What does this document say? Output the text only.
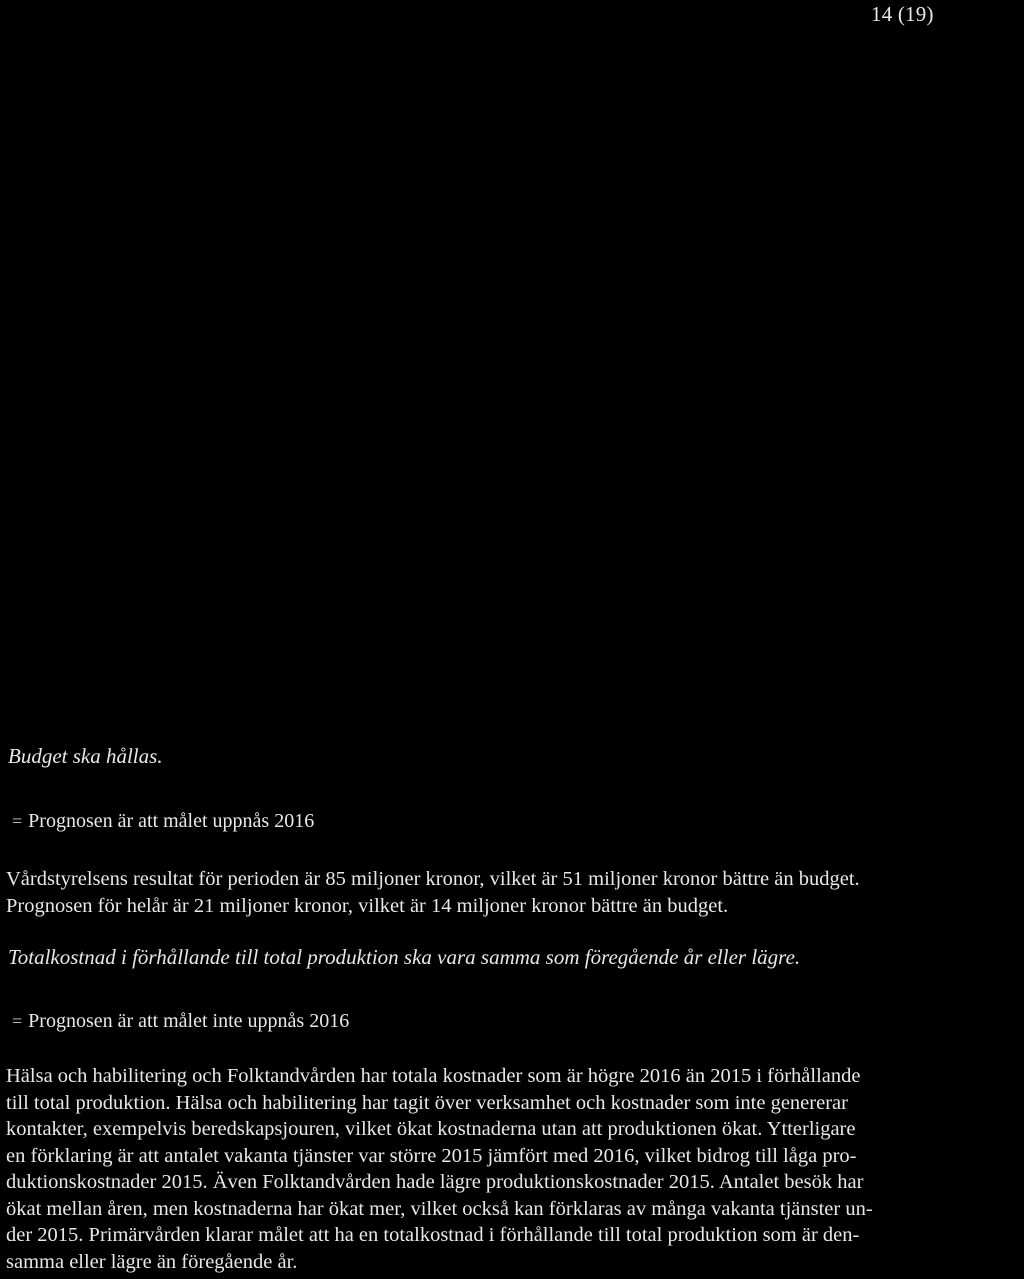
14 (19)
Budget ska hållas.
= Prognosen är att målet uppnås 2016
Vårdstyrelsens resultat för perioden är 85 miljoner kronor, vilket är 51 miljoner kronor bättre än budget.
Prognosen för helår är 21 miljoner kronor, vilket är 14 miljoner kronor bättre än budget.
Totalkostnad i förhållande till total produktion ska vara samma som föregående år eller lägre.
= Prognosen är att målet inte uppnås 2016
Hälsa och habilitering och Folktandvården har totala kostnader som är högre 2016 än 2015 i förhållande
till total produktion. Hälsa och habilitering har tagit över verksamhet och kostnader som inte genererar
kontakter, exempelvis beredskapsjouren, vilket ökat kostnaderna utan att produktionen ökat. Ytterligare
en förklaring är att antalet vakanta tjänster var större 2015 jämfört med 2016, vilket bidrog till låga pro-
duktionskostnader 2015. Även Folktandvården hade lägre produktionskostnader 2015. Antalet besök har
ökat mellan åren, men kostnaderna har ökat mer, vilket också kan förklaras av många vakanta tjänster un-
der 2015. Primärvården klarar målet att ha en totalkostnad i förhållande till total produktion som är den-
samma eller lägre än föregående år.
